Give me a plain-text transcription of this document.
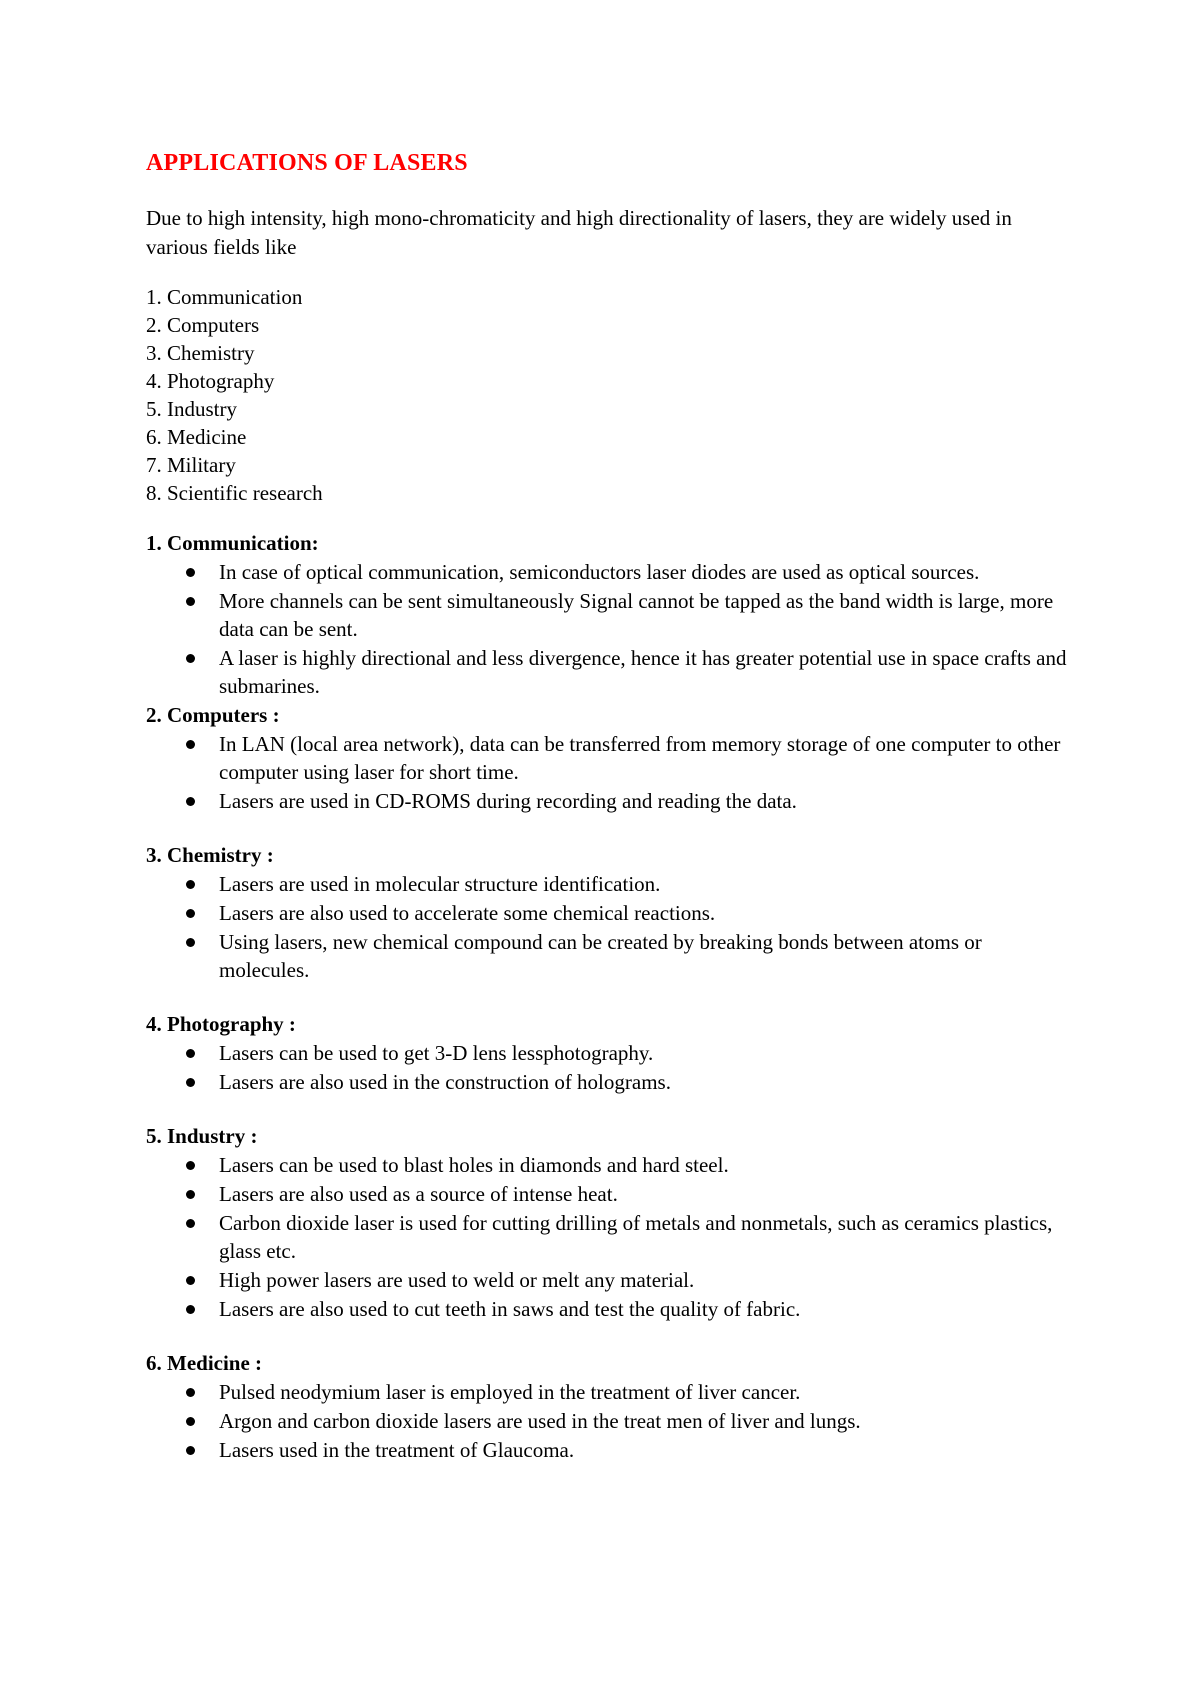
APPLICATIONS OF LASERS

Due to high intensity, high mono-chromaticity and high directionality of lasers, they are widely used in various fields like

1. Communication
2. Computers
3. Chemistry
4. Photography
5. Industry
6. Medicine
7. Military
8. Scientific research
1. Communication:
In case of optical communication, semiconductors laser diodes are used as optical sources.
More channels can be sent simultaneously Signal cannot be tapped as the band width is large, more data can be sent.
A laser is highly directional and less divergence, hence it has greater potential use in space crafts and submarines.
2. Computers :
In LAN (local area network), data can be transferred from memory storage of one computer to other computer using laser for short time.
Lasers are used in CD-ROMS during recording and reading the data.
3. Chemistry :
Lasers are used in molecular structure identification.
Lasers are also used to accelerate some chemical reactions.
Using lasers, new chemical compound can be created by breaking bonds between atoms or molecules.
4. Photography :
Lasers can be used to get 3-D lens lessphotography.
Lasers are also used in the construction of holograms.
5. Industry :
Lasers can be used to blast holes in diamonds and hard steel.
Lasers are also used as a source of intense heat.
Carbon dioxide laser is used for cutting drilling of metals and nonmetals, such as ceramics plastics, glass etc.
High power lasers are used to weld or melt any material.
Lasers are also used to cut teeth in saws and test the quality of fabric.
6. Medicine :
Pulsed neodymium laser is employed in the treatment of liver cancer.
Argon and carbon dioxide lasers are used in the treat men of liver and lungs.
Lasers used in the treatment of Glaucoma.
